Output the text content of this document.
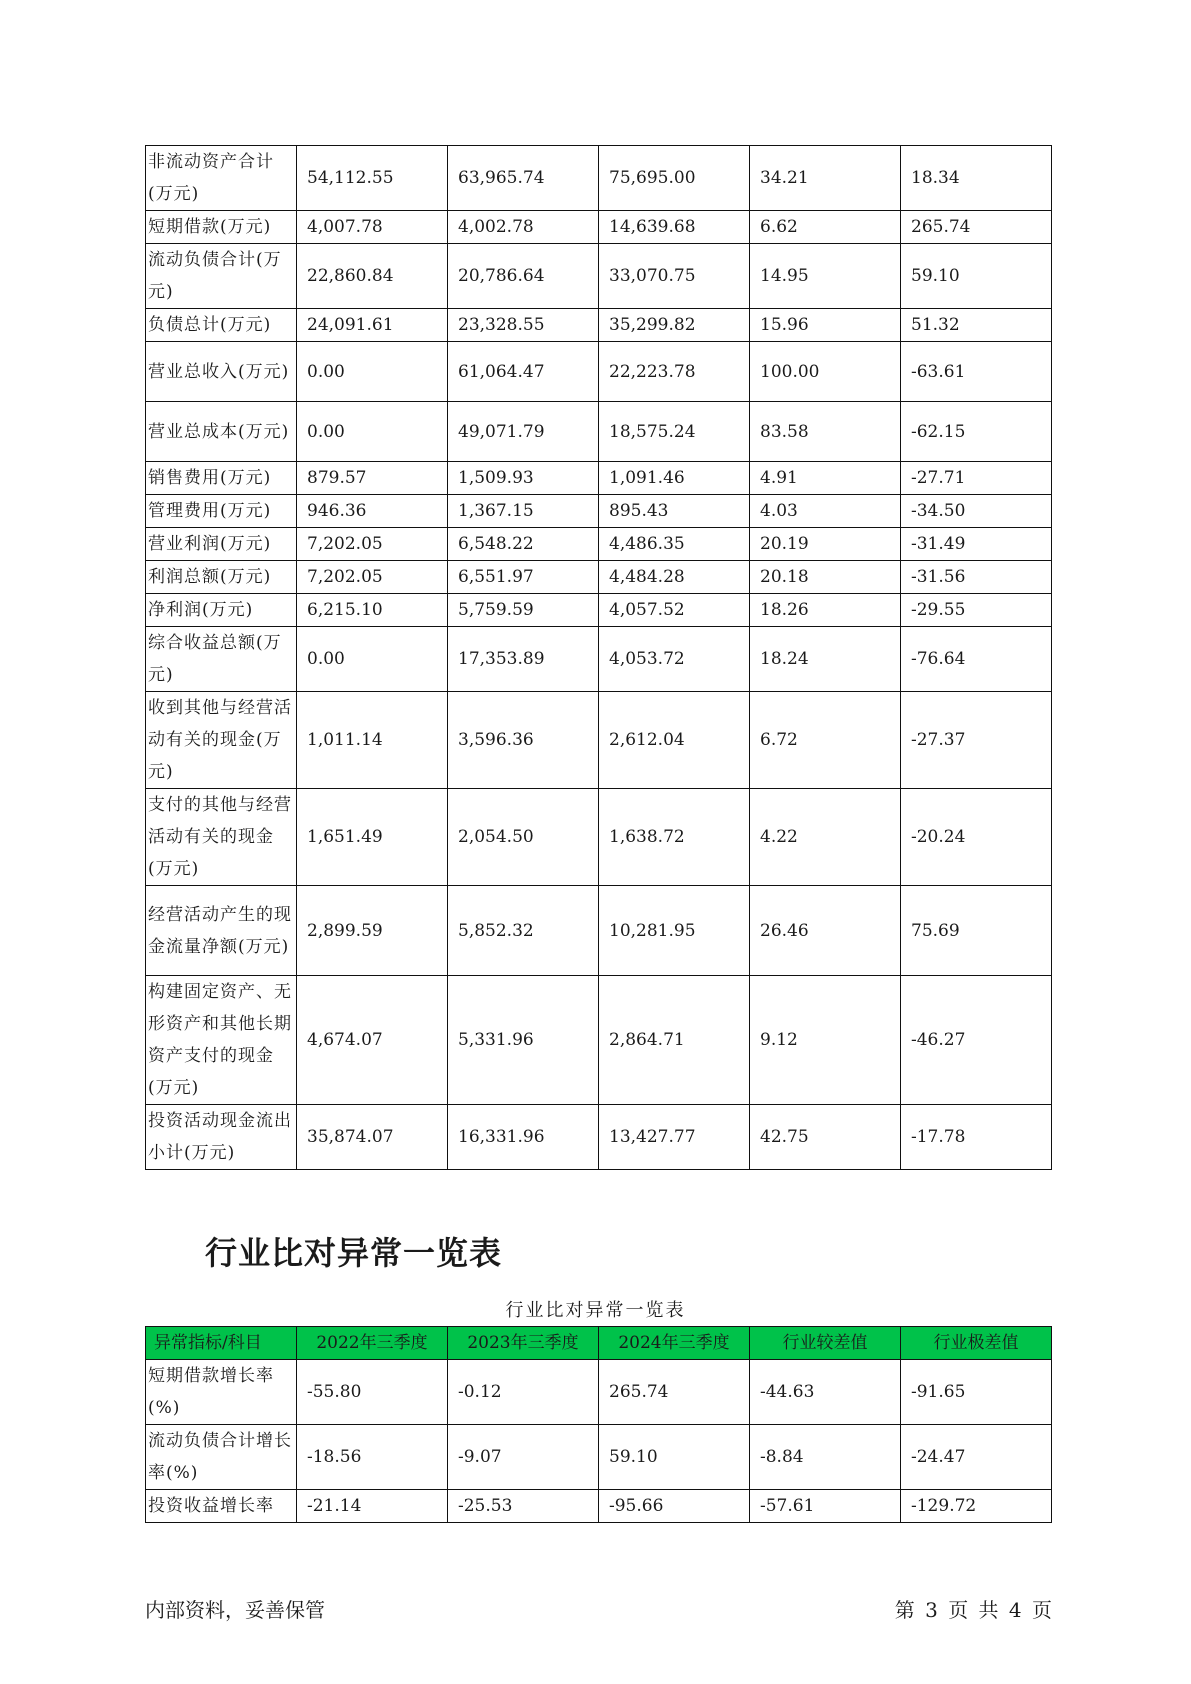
非流动资产合计(万元)	54,112.55	63,965.74	75,695.00	34.21	18.34
短期借款(万元)	4,007.78	4,002.78	14,639.68	6.62	265.74
流动负债合计(万元)	22,860.84	20,786.64	33,070.75	14.95	59.10
负债总计(万元)	24,091.61	23,328.55	35,299.82	15.96	51.32
营业总收入(万元)	0.00	61,064.47	22,223.78	100.00	-63.61
营业总成本(万元)	0.00	49,071.79	18,575.24	83.58	-62.15
销售费用(万元)	879.57	1,509.93	1,091.46	4.91	-27.71
管理费用(万元)	946.36	1,367.15	895.43	4.03	-34.50
营业利润(万元)	7,202.05	6,548.22	4,486.35	20.19	-31.49
利润总额(万元)	7,202.05	6,551.97	4,484.28	20.18	-31.56
净利润(万元)	6,215.10	5,759.59	4,057.52	18.26	-29.55
综合收益总额(万元)	0.00	17,353.89	4,053.72	18.24	-76.64
收到其他与经营活动有关的现金(万元)	1,011.14	3,596.36	2,612.04	6.72	-27.37
支付的其他与经营活动有关的现金(万元)	1,651.49	2,054.50	1,638.72	4.22	-20.24
经营活动产生的现金流量净额(万元)	2,899.59	5,852.32	10,281.95	26.46	75.69
构建固定资产、无形资产和其他长期资产支付的现金(万元)	4,674.07	5,331.96	2,864.71	9.12	-46.27
投资活动现金流出小计(万元)	35,874.07	16,331.96	13,427.77	42.75	-17.78
行业比对异常一览表
行业比对异常一览表
异常指标/科目	2022年三季度	2023年三季度	2024年三季度	行业较差值	行业极差值
短期借款增长率(%)	-55.80	-0.12	265.74	-44.63	-91.65
流动负债合计增长率(%)	-18.56	-9.07	59.10	-8.84	-24.47
投资收益增长率	-21.14	-25.53	-95.66	-57.61	-129.72
内部资料，妥善保管	第 3 页 共 4 页
